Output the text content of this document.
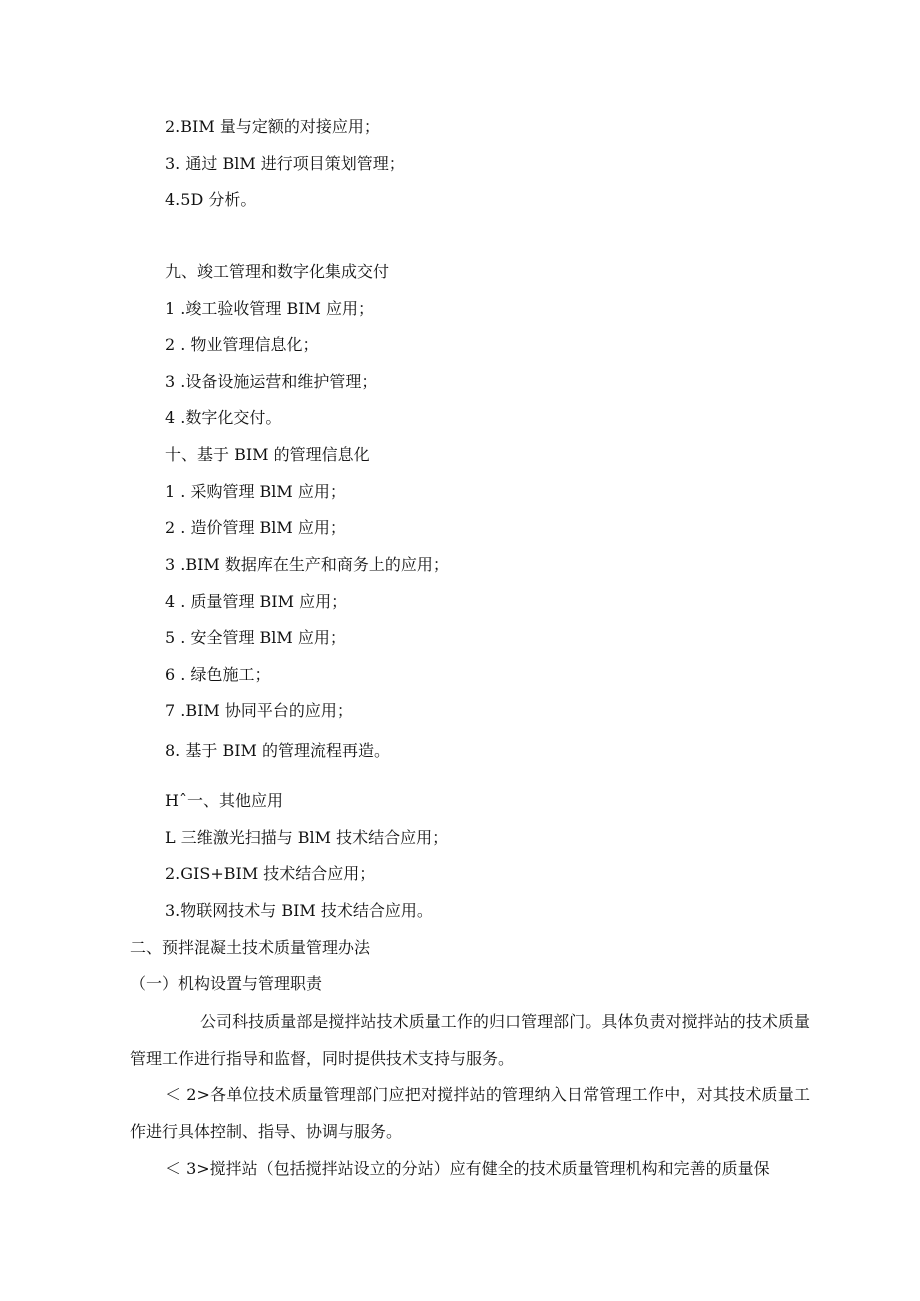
2.BIM 量与定额的对接应用；
3. 通过 BlM 进行项目策划管理；
4.5D 分析。
九、竣工管理和数字化集成交付
1 .竣工验收管理 BIM 应用；
2 . 物业管理信息化；
3 .设备设施运营和维护管理；
4 .数字化交付。
十、基于 BIM 的管理信息化
1 . 采购管理 BlM 应用；
2 . 造价管理 BlM 应用；
3 .BIM 数据库在生产和商务上的应用；
4 . 质量管理 BIM 应用；
5 . 安全管理 BlM 应用；
6 . 绿色施工；
7 .BIM 协同平台的应用；
8. 基于 BIM 的管理流程再造。
Hˆ一、其他应用
L 三维激光扫描与 BlM 技术结合应用；
2.GIS+BIM 技术结合应用；
3.物联网技术与 BIM 技术结合应用。
二、预拌混凝土技术质量管理办法
（一）机构设置与管理职责
公司科技质量部是搅拌站技术质量工作的归口管理部门。具体负责对搅拌站的技术质量管理工作进行指导和监督，同时提供技术支持与服务。
＜ 2>各单位技术质量管理部门应把对搅拌站的管理纳入日常管理工作中，对其技术质量工作进行具体控制、指导、协调与服务。
＜ 3>搅拌站（包括搅拌站设立的分站）应有健全的技术质量管理机构和完善的质量保
